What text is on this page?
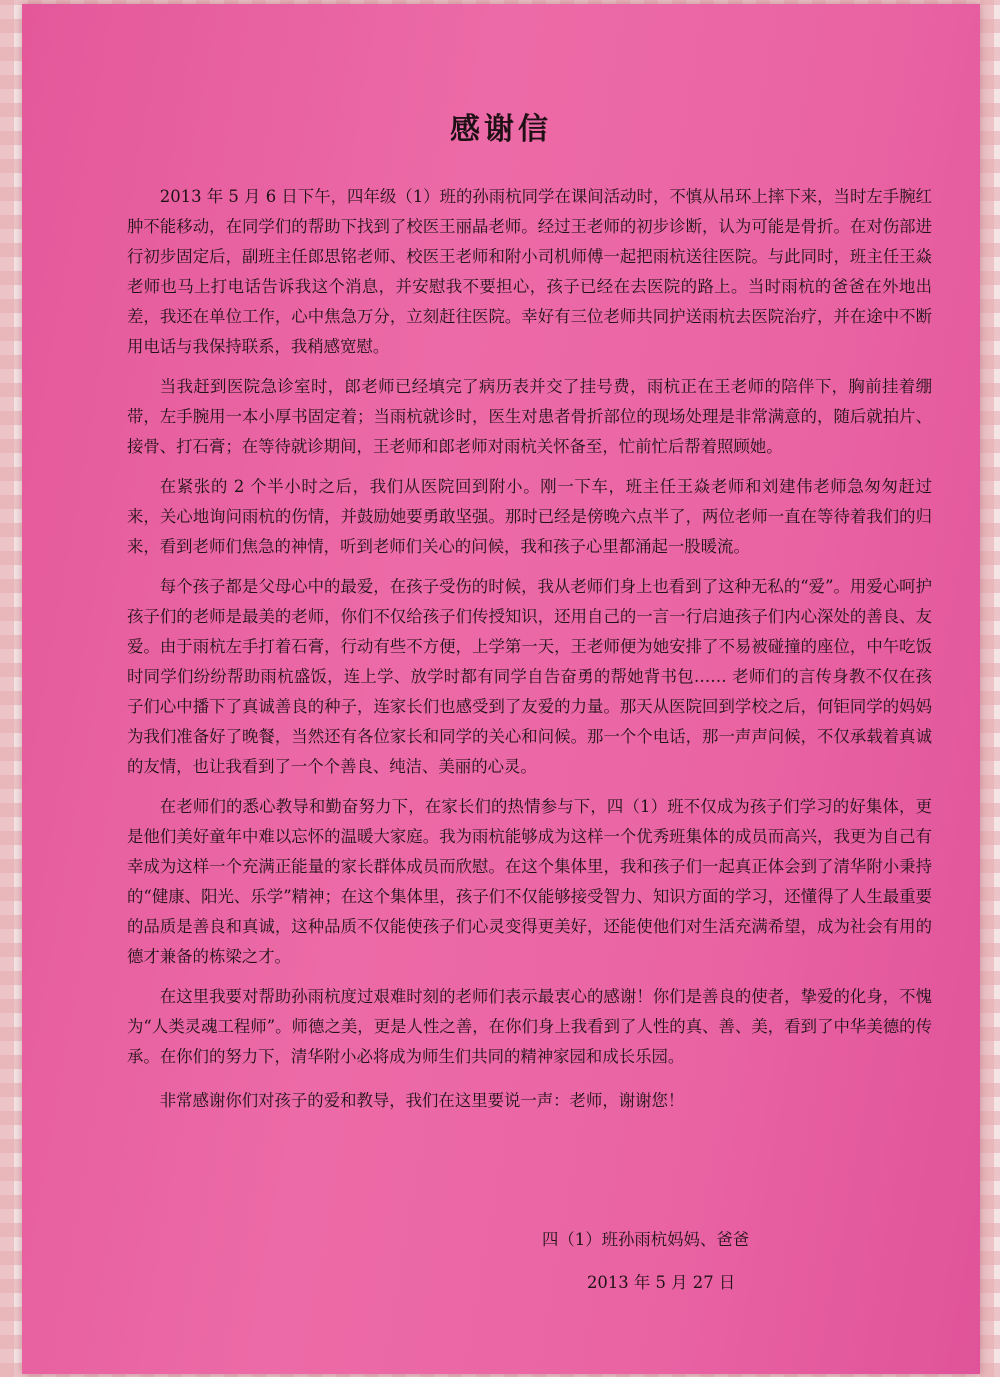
感谢信

2013 年 5 月 6 日下午，四年级（1）班的孙雨杭同学在课间活动时，不慎从吊环上摔下来，当时左手腕红肿不能移动，在同学们的帮助下找到了校医王丽晶老师。经过王老师的初步诊断，认为可能是骨折。在对伤部进行初步固定后，副班主任郎思铭老师、校医王老师和附小司机师傅一起把雨杭送往医院。与此同时，班主任王焱老师也马上打电话告诉我这个消息，并安慰我不要担心，孩子已经在去医院的路上。当时雨杭的爸爸在外地出差，我还在单位工作，心中焦急万分，立刻赶往医院。幸好有三位老师共同护送雨杭去医院治疗，并在途中不断用电话与我保持联系，我稍感宽慰。

当我赶到医院急诊室时，郎老师已经填完了病历表并交了挂号费，雨杭正在王老师的陪伴下，胸前挂着绷带，左手腕用一本小厚书固定着；当雨杭就诊时，医生对患者骨折部位的现场处理是非常满意的，随后就拍片、接骨、打石膏；在等待就诊期间，王老师和郎老师对雨杭关怀备至，忙前忙后帮着照顾她。

在紧张的 2 个半小时之后，我们从医院回到附小。刚一下车，班主任王焱老师和刘建伟老师急匆匆赶过来，关心地询问雨杭的伤情，并鼓励她要勇敢坚强。那时已经是傍晚六点半了，两位老师一直在等待着我们的归来，看到老师们焦急的神情，听到老师们关心的问候，我和孩子心里都涌起一股暖流。

每个孩子都是父母心中的最爱，在孩子受伤的时候，我从老师们身上也看到了这种无私的“爱”。用爱心呵护孩子们的老师是最美的老师，你们不仅给孩子们传授知识，还用自己的一言一行启迪孩子们内心深处的善良、友爱。由于雨杭左手打着石膏，行动有些不方便，上学第一天，王老师便为她安排了不易被碰撞的座位，中午吃饭时同学们纷纷帮助雨杭盛饭，连上学、放学时都有同学自告奋勇的帮她背书包…… 老师们的言传身教不仅在孩子们心中播下了真诚善良的种子，连家长们也感受到了友爱的力量。那天从医院回到学校之后，何钜同学的妈妈为我们准备好了晚餐，当然还有各位家长和同学的关心和问候。那一个个电话，那一声声问候，不仅承载着真诚的友情，也让我看到了一个个善良、纯洁、美丽的心灵。

在老师们的悉心教导和勤奋努力下，在家长们的热情参与下，四（1）班不仅成为孩子们学习的好集体，更是他们美好童年中难以忘怀的温暖大家庭。我为雨杭能够成为这样一个优秀班集体的成员而高兴，我更为自己有幸成为这样一个充满正能量的家长群体成员而欣慰。在这个集体里，我和孩子们一起真正体会到了清华附小秉持的“健康、阳光、乐学”精神；在这个集体里，孩子们不仅能够接受智力、知识方面的学习，还懂得了人生最重要的品质是善良和真诚，这种品质不仅能使孩子们心灵变得更美好，还能使他们对生活充满希望，成为社会有用的德才兼备的栋梁之才。

在这里我要对帮助孙雨杭度过艰难时刻的老师们表示最衷心的感谢！你们是善良的使者，挚爱的化身，不愧为“人类灵魂工程师”。师德之美，更是人性之善，在你们身上我看到了人性的真、善、美，看到了中华美德的传承。在你们的努力下，清华附小必将成为师生们共同的精神家园和成长乐园。

非常感谢你们对孩子的爱和教导，我们在这里要说一声：老师，谢谢您！

四（1）班孙雨杭妈妈、爸爸
2013 年 5 月 27 日
